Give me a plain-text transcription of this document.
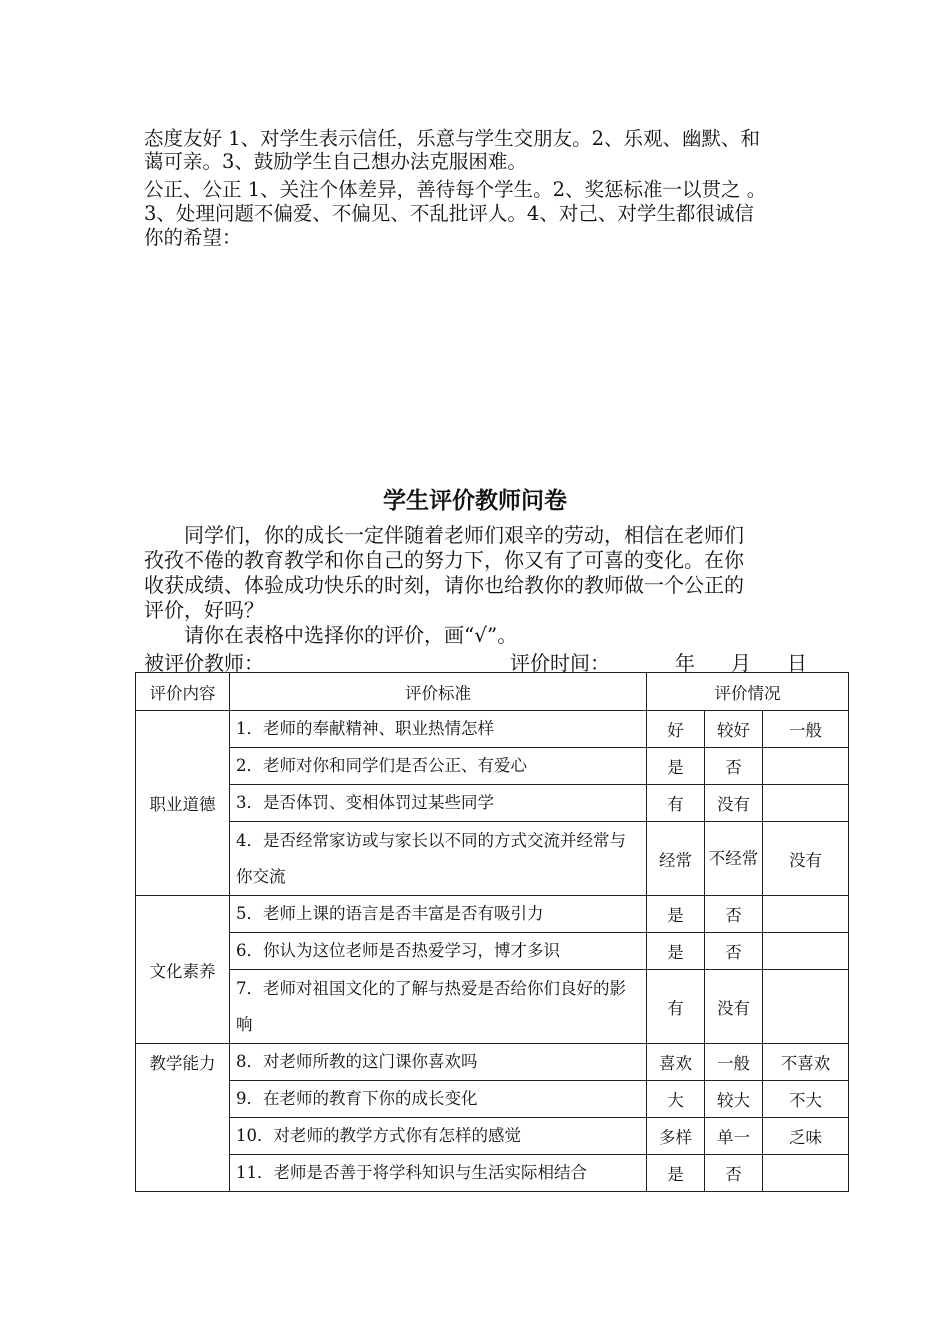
态度友好 1、对学生表示信任，乐意与学生交朋友。2、乐观、幽默、和
蔼可亲。3、鼓励学生自己想办法克服困难。
公正、公正 1、关注个体差异，善待每个学生。2、奖惩标准一以贯之 。
3、处理问题不偏爱、不偏见、不乱批评人。4、对己、对学生都很诚信
你的希望：
学生评价教师问卷
　　同学们，你的成长一定伴随着老师们艰辛的劳动，相信在老师们
孜孜不倦的教育教学和你自己的努力下，你又有了可喜的变化。在你
收获成绩、体验成功快乐的时刻，请你也给教你的教师做一个公正的
评价，好吗？
　　请你在表格中选择你的评价，画“√”。
被评价教师：	评价时间：	年 月 日
评价内容	评价标准	评价情况		
职业道德	1．老师的奉献精神、职业热情怎样	好	较好	一般
	2．老师对你和同学们是否公正、有爱心	是	否	
	3．是否体罚、变相体罚过某些同学	有	没有	
	4．是否经常家访或与家长以不同的方式交流并经常与你交流	经常	不经常	没有
文化素养	5．老师上课的语言是否丰富是否有吸引力	是	否	
	6．你认为这位老师是否热爱学习，博才多识	是	否	
	7．老师对祖国文化的了解与热爱是否给你们良好的影响	有	没有	
教学能力	8．对老师所教的这门课你喜欢吗	喜欢	一般	不喜欢
	9．在老师的教育下你的成长变化	大	较大	不大
	10．对老师的教学方式你有怎样的感觉	多样	单一	乏味
	11．老师是否善于将学科知识与生活实际相结合	是	否	
